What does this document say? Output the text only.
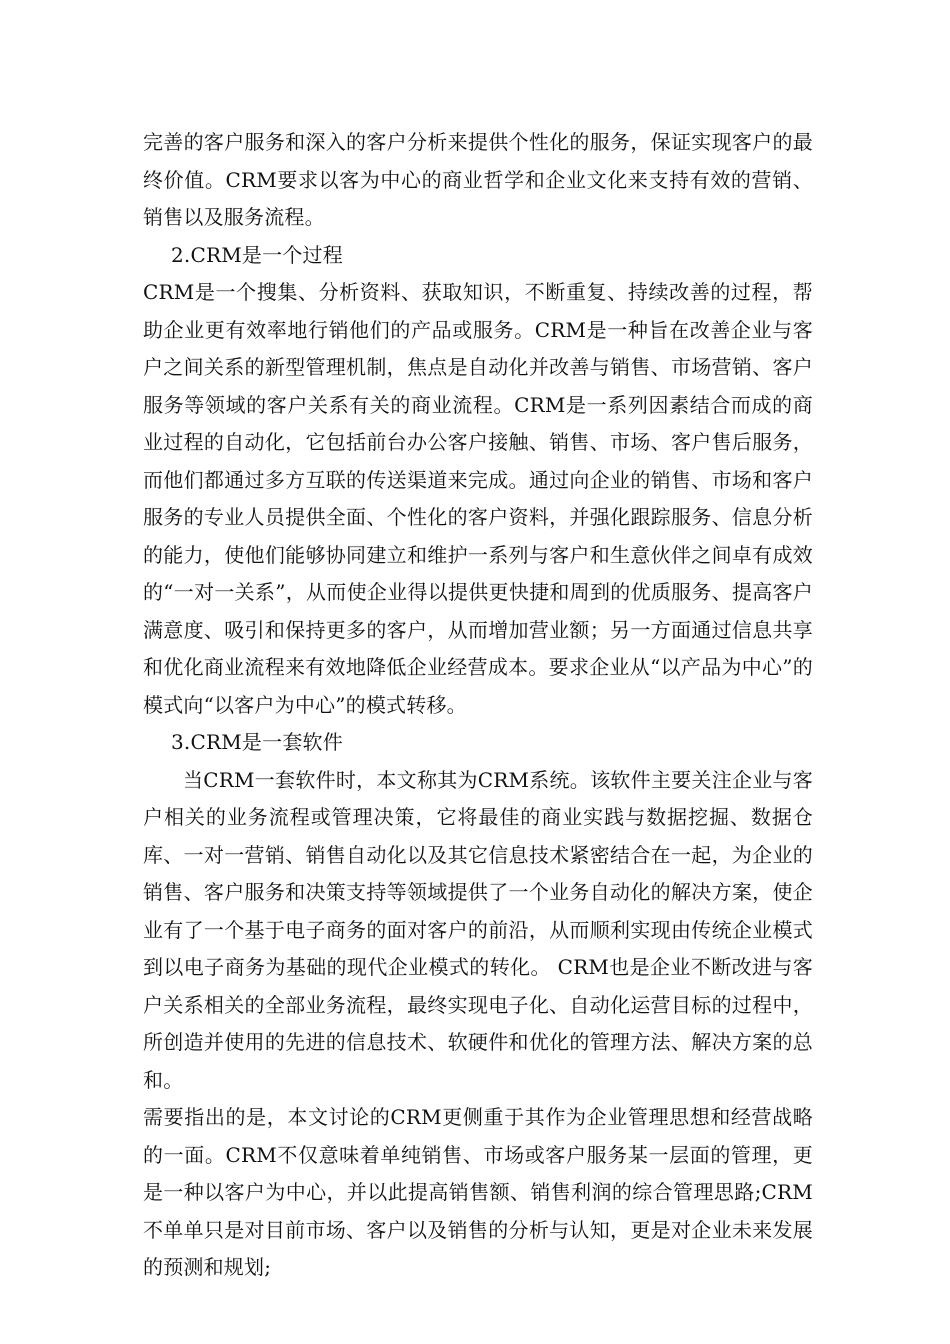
完善的客户服务和深入的客户分析来提供个性化的服务，保证实现客户的最终价值。CRM要求以客为中心的商业哲学和企业文化来支持有效的营销、销售以及服务流程。

2.CRM是一个过程

CRM是一个搜集、分析资料、获取知识，不断重复、持续改善的过程，帮助企业更有效率地行销他们的产品或服务。CRM是一种旨在改善企业与客户之间关系的新型管理机制，焦点是自动化并改善与销售、市场营销、客户服务等领域的客户关系有关的商业流程。CRM是一系列因素结合而成的商业过程的自动化，它包括前台办公客户接触、销售、市场、客户售后服务，而他们都通过多方互联的传送渠道来完成。通过向企业的销售、市场和客户服务的专业人员提供全面、个性化的客户资料，并强化跟踪服务、信息分析的能力，使他们能够协同建立和维护一系列与客户和生意伙伴之间卓有成效的“一对一关系”，从而使企业得以提供更快捷和周到的优质服务、提高客户满意度、吸引和保持更多的客户，从而增加营业额；另一方面通过信息共享和优化商业流程来有效地降低企业经营成本。要求企业从“以产品为中心”的模式向“以客户为中心”的模式转移。

3.CRM是一套软件

当CRM一套软件时，本文称其为CRM系统。该软件主要关注企业与客户相关的业务流程或管理决策，它将最佳的商业实践与数据挖掘、数据仓库、一对一营销、销售自动化以及其它信息技术紧密结合在一起，为企业的销售、客户服务和决策支持等领域提供了一个业务自动化的解决方案，使企业有了一个基于电子商务的面对客户的前沿，从而顺利实现由传统企业模式到以电子商务为基础的现代企业模式的转化。 CRM也是企业不断改进与客户关系相关的全部业务流程，最终实现电子化、自动化运营目标的过程中，所创造并使用的先进的信息技术、软硬件和优化的管理方法、解决方案的总和。

需要指出的是，本文讨论的CRM更侧重于其作为企业管理思想和经营战略的一面。CRM不仅意味着单纯销售、市场或客户服务某一层面的管理，更是一种以客户为中心，并以此提高销售额、销售利润的综合管理思路;CRM不单单只是对目前市场、客户以及销售的分析与认知，更是对企业未来发展的预测和规划;
